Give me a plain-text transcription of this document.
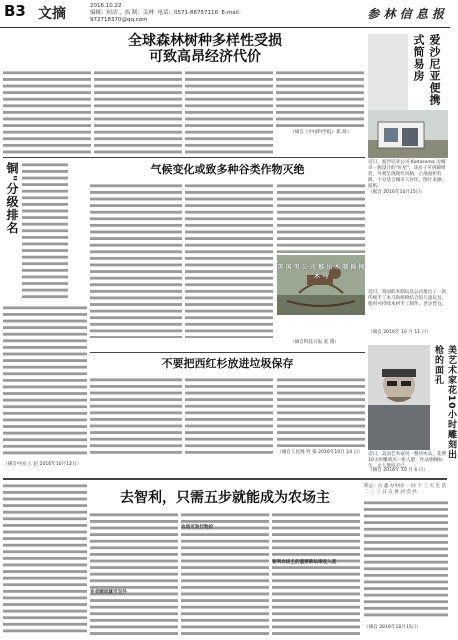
B3 文摘	2016.10.22
编辑：何洁 ，执 制：关林 电话：0571-86757116 E-mail：972718370@qq.com	参 林 信 息 报
全球森林树种多样性受损
可致高昂经济代价
（摘自《中国科学报》郑 昂）
爱沙尼亚便携式简易房
近日，爱沙尼亚公司 Kodasema 为城市一族设计的"好屋"。该房子可拆卸组装，外观呈现现代风格，占地面积有限，十分适合城市人居住。图片来源：报纸。
（据自 2016年10月15日）
铜"分级排名
（摘自中国 王 赵 2016年10月12日）
气候变化或致多种谷类作物灭绝
（摘自科技日报 张 翔）
英 国 男 公 司 推 出 木 制 摇 椅 木 马
近日，英国的木制玩具公司推出了一款传统手工木马和摇椅结合的儿童玩具，使用可持续木材手工制作，老少皆宜。
（摘自 2016年 10 月 11 日）
不要把西红杉放进垃圾保存
（摘自人民网 外 报 2016年10月 14 日）	美艺术家花10小时雕刻出枪的面孔
近日，美国艺术家用一整块木头，花费10小时雕刻出一张人脸，作品栩栩如生，让人赞叹不已。
（摘自 2016年 10 月 6 日）
去智利，只需五步就能成为农场主
农场可发行物价
智利农场主的重要新法律收入是
专业顾问就可交外
转公：古 鑫 办中国 一 回 十 三 天 生 活 二 三 三 日 五 体 回 会 共
（摘自 2016年10月15日）
